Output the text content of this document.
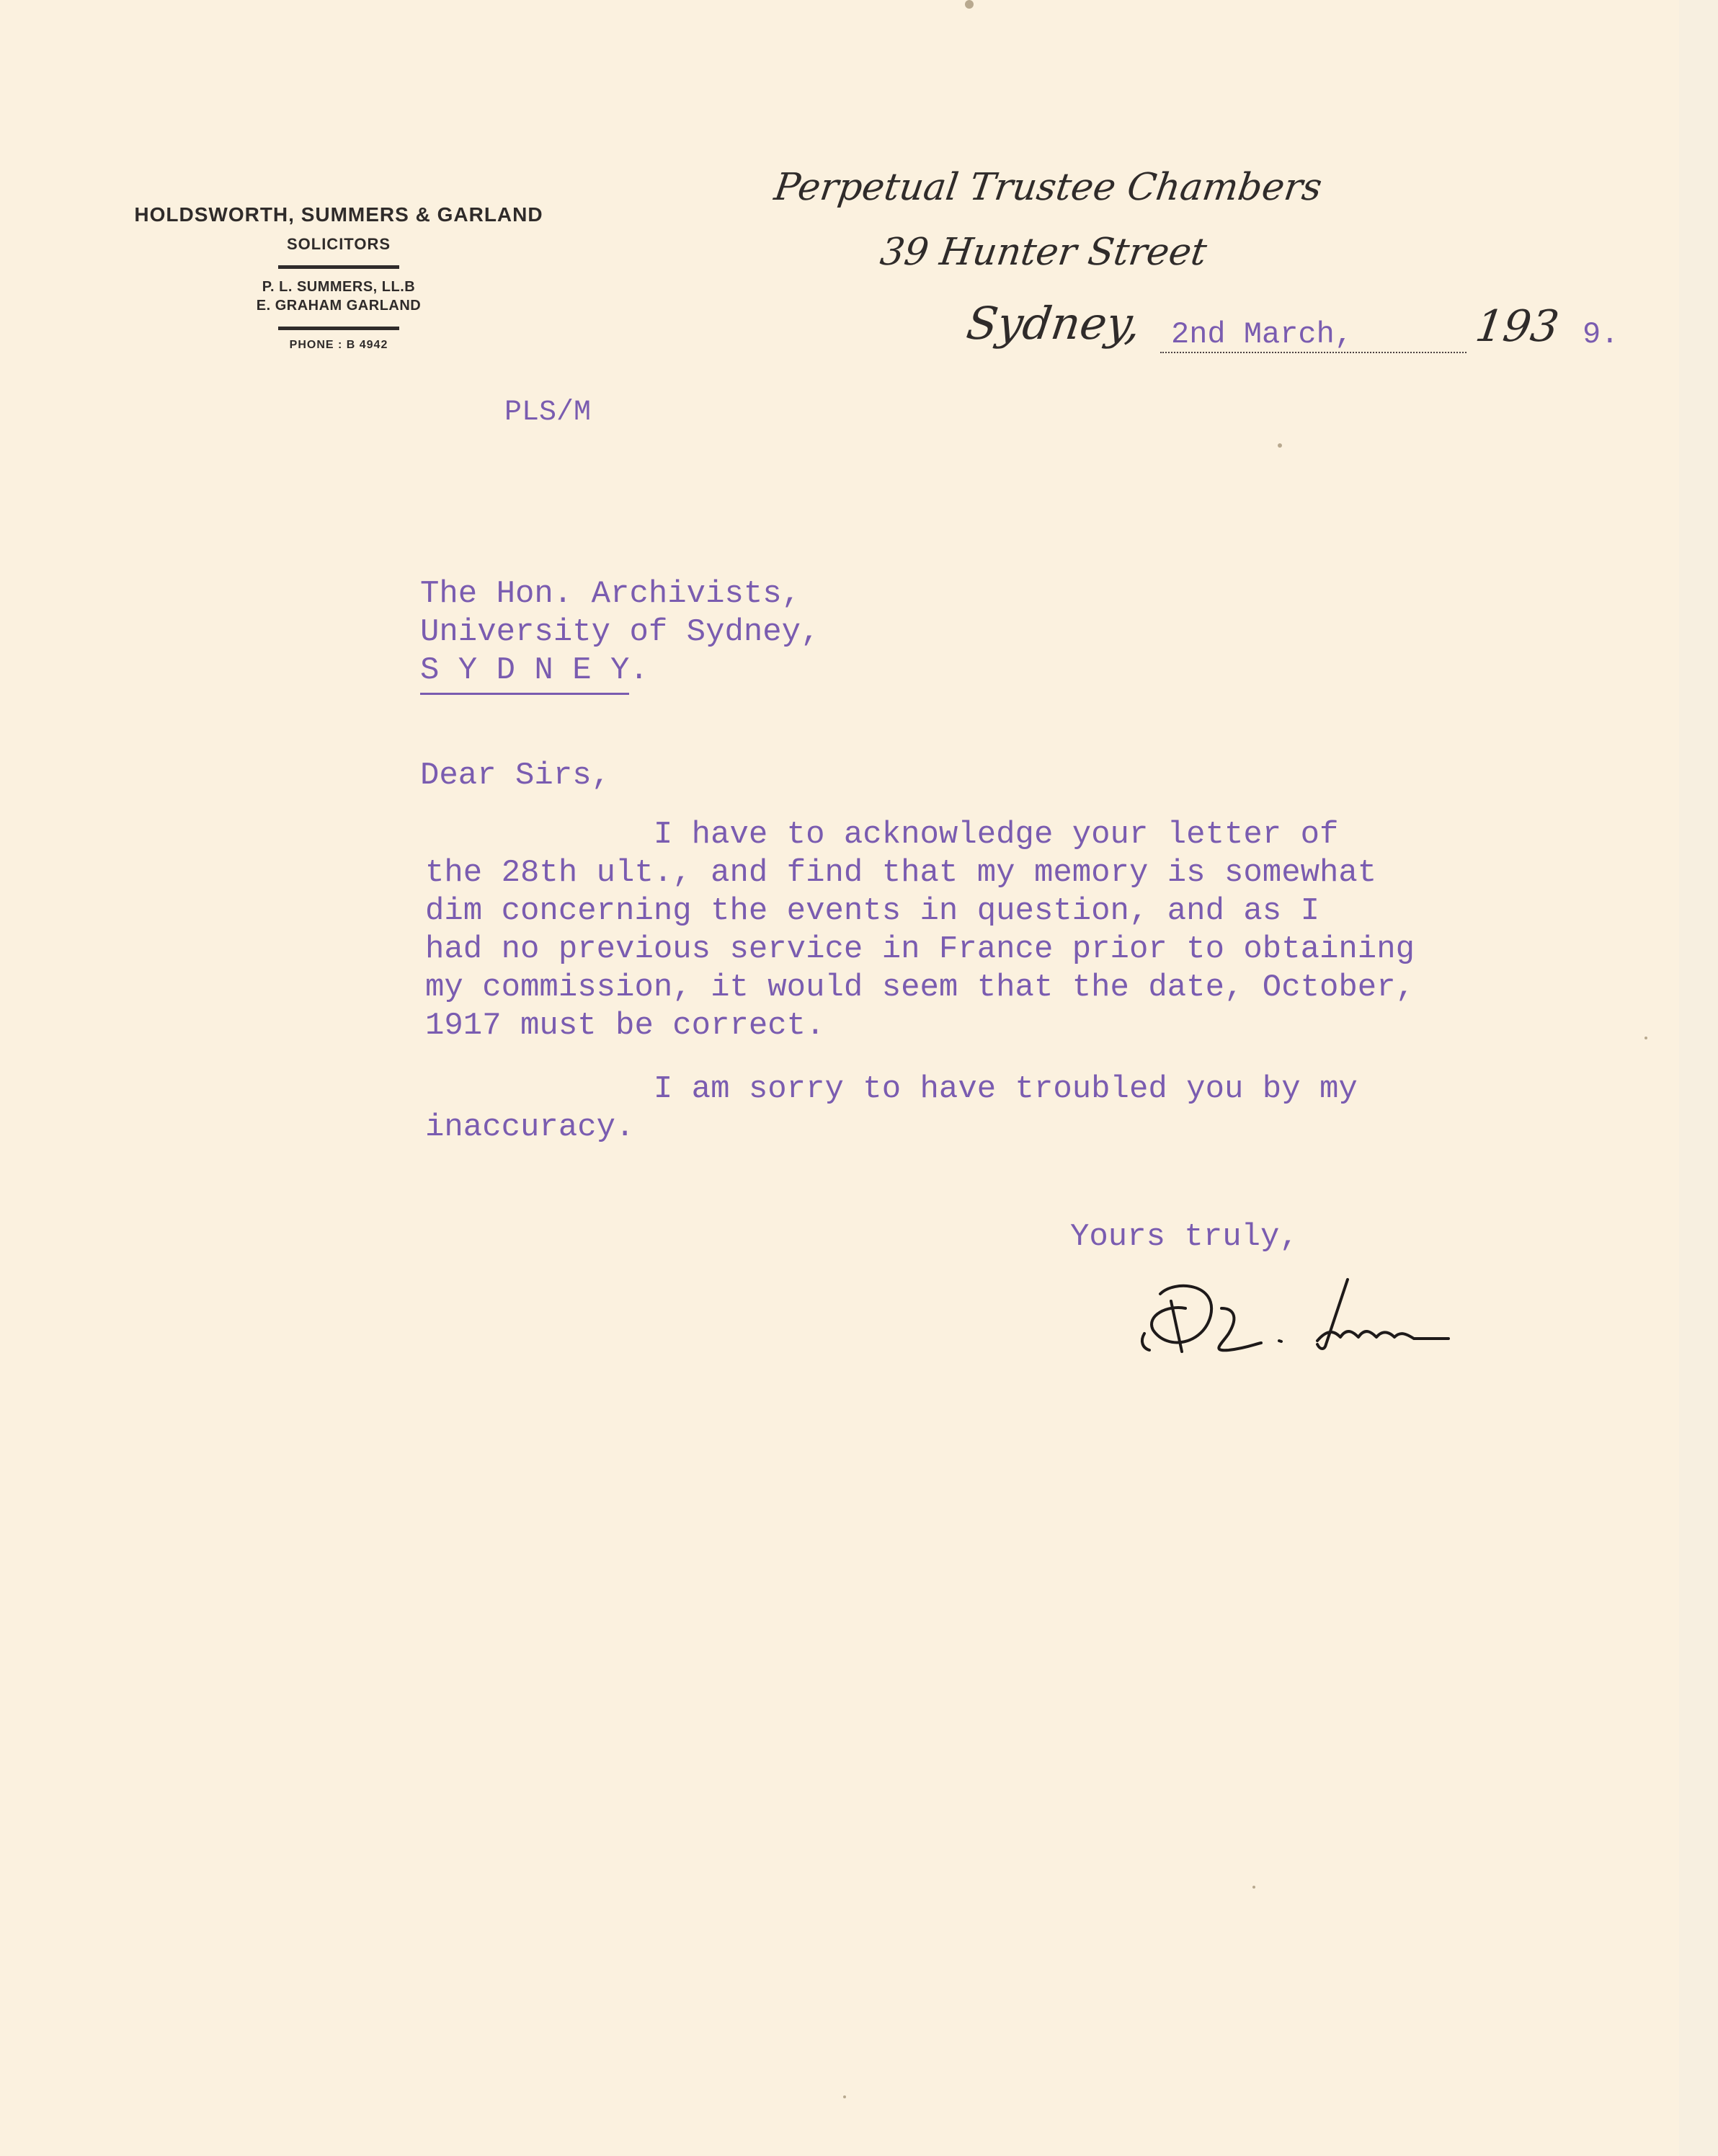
HOLDSWORTH, SUMMERS & GARLAND
SOLICITORS
P. L. SUMMERS, LL.B
E. GRAHAM GARLAND
PHONE : B 4942
Perpetual Trustee Chambers
39 Hunter Street
Sydney, 2nd March,	193 9.
PLS/M
The Hon. Archivists,
University of Sydney,
S Y D N E Y.
Dear Sirs,
I have to acknowledge your letter of
the 28th ult., and find that my memory is somewhat
dim concerning the events in question, and as I
had no previous service in France prior to obtaining
my commission, it would seem that the date, October,
1917 must be correct.
I am sorry to have troubled you by my
inaccuracy.
Yours truly,
